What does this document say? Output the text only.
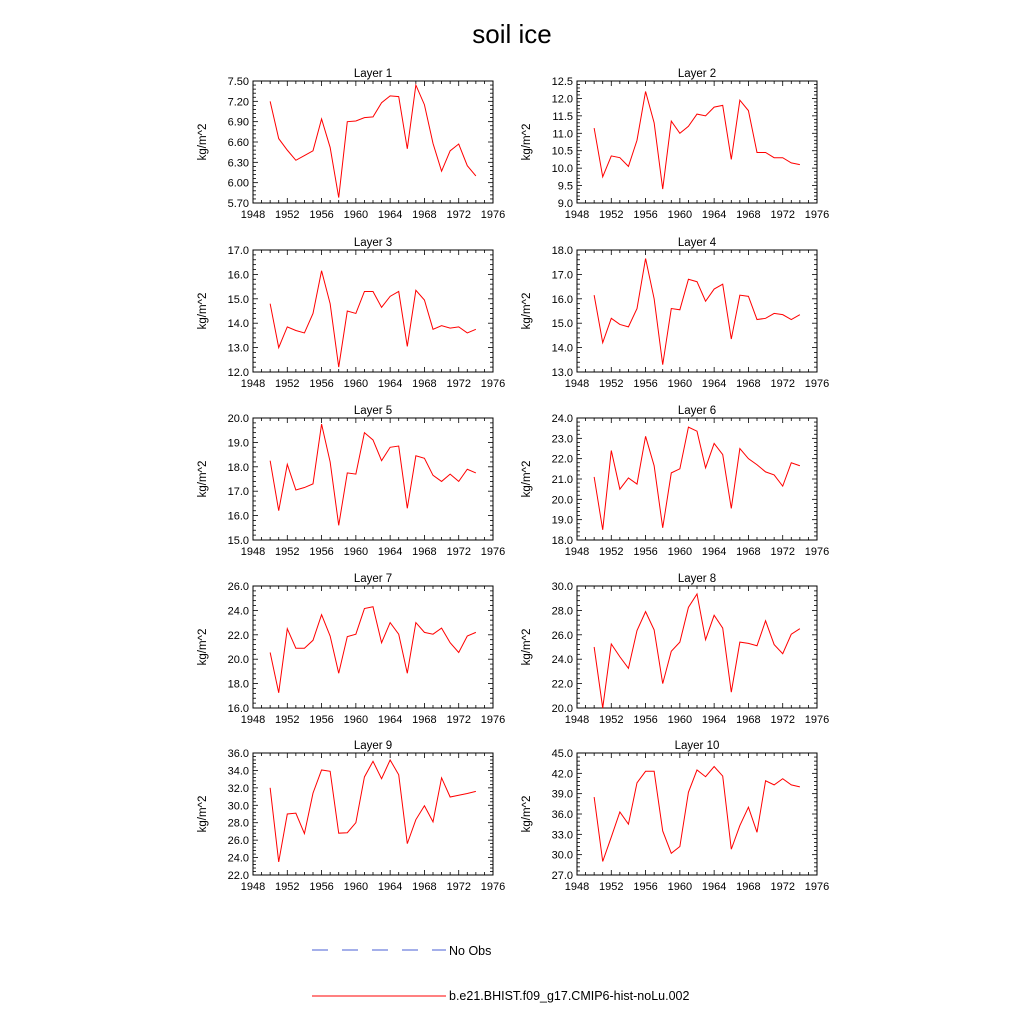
soil ice
Layer 1
kg/m^2
1948 1952 1956 1960 1964 1968 1972 1976
5.70
6.00
6.30
6.60
6.90
7.20
7.50
Layer 2
kg/m^2
1948 1952 1956 1960 1964 1968 1972 1976
9.0
9.5
10.0
10.5
11.0
11.5
12.0
12.5
Layer 3
kg/m^2
1948 1952 1956 1960 1964 1968 1972 1976
12.0
13.0
14.0
15.0
16.0
17.0
Layer 4
kg/m^2
1948 1952 1956 1960 1964 1968 1972 1976
13.0
14.0
15.0
16.0
17.0
18.0
Layer 5
kg/m^2
1948 1952 1956 1960 1964 1968 1972 1976
15.0
16.0
17.0
18.0
19.0
20.0
Layer 6
kg/m^2
1948 1952 1956 1960 1964 1968 1972 1976
18.0
19.0
20.0
21.0
22.0
23.0
24.0
Layer 7
kg/m^2
1948 1952 1956 1960 1964 1968 1972 1976
16.0
18.0
20.0
22.0
24.0
26.0
Layer 8
kg/m^2
1948 1952 1956 1960 1964 1968 1972 1976
20.0
22.0
24.0
26.0
28.0
30.0
Layer 9
kg/m^2
1948 1952 1956 1960 1964 1968 1972 1976
22.0
24.0
26.0
28.0
30.0
32.0
34.0
36.0
Layer 10
kg/m^2
1948 1952 1956 1960 1964 1968 1972 1976
27.0
30.0
33.0
36.0
39.0
42.0
45.0
No Obs
b.e21.BHIST.f09_g17.CMIP6-hist-noLu.002
